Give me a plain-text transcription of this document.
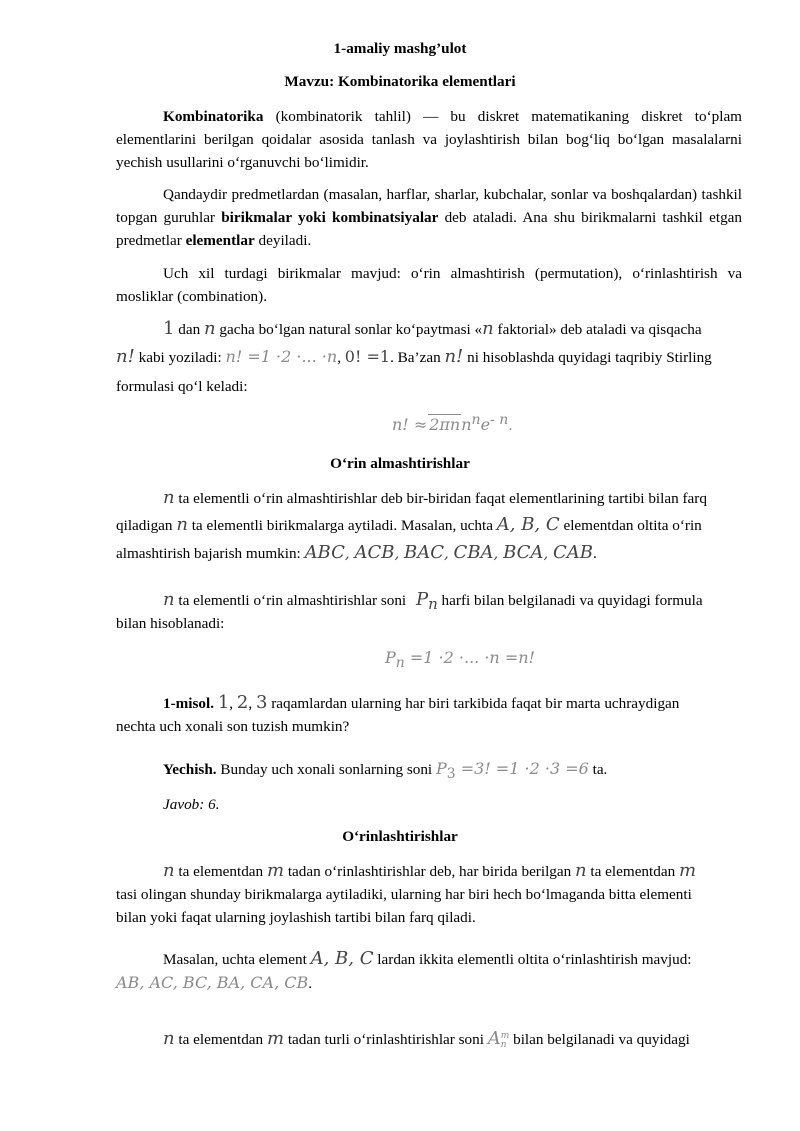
1-amaliy mashg’ulot
Mavzu: Kombinatorika elementlari
Kombinatorika (kombinatorik tahlil) — bu diskret matematikaning diskret to‘plam elementlarini berilgan qoidalar asosida tanlash va joylashtirish bilan bog‘liq bo‘lgan masalalarni yechish usullarini o‘rganuvchi bo‘limidir.
Qandaydir predmetlardan (masalan, harflar, sharlar, kubchalar, sonlar va boshqalardan) tashkil topgan guruhlar birikmalar yoki kombinatsiyalar deb ataladi. Ana shu birikmalarni tashkil etgan predmetlar elementlar deyiladi.
Uch xil turdagi birikmalar mavjud: o‘rin almashtirish (permutation), o‘rinlashtirish va mosliklar (combination).
1 dan n gacha bo‘lgan natural sonlar ko‘paytmasi «n faktorial» deb ataladi va qisqacha
n! kabi yoziladi: n! =1 ·2 ·... ·n, 0! =1. Ba’zan n! ni hisoblashda quyidagi taqribiy Stirling
formulasi qo‘l keladi:
n! ≈ $2\pi nn^ne^{- n}$.
O‘rin almashtirishlar
n ta elementli o‘rin almashtirishlar deb bir-biridan faqat elementlarining tartibi bilan farq
qiladigan n ta elementli birikmalarga aytiladi. Masalan, uchta A, B, C elementdan oltita o‘rin
almashtirish bajarish mumkin: ABC, ACB, BAC, CBA, BCA, CAB.
n ta elementli o‘rin almashtirishlar soni $P_n$ harfi bilan belgilanadi va quyidagi formula
bilan hisoblanadi:
$P_n =1 \cdot 2$ ·... ·n =n!
1-misol. 1, 2, 3 raqamlardan ularning har biri tarkibida faqat bir marta uchraydigan
nechta uch xonali son tuzish mumkin?
Yechish. Bunday uch xonali sonlarning soni $P_3 =3$! =1 ·2 ·3 =6 ta.
Javob: 6.
O‘rinlashtirishlar
n ta elementdan m tadan o‘rinlashtirishlar deb, har birida berilgan n ta elementdan m
tasi olingan shunday birikmalarga aytiladiki, ularning har biri hech bo‘lmaganda bitta elementi
bilan yoki faqat ularning joylashish tartibi bilan farq qiladi.
Masalan, uchta element A, B, C lardan ikkita elementli oltita o‘rinlashtirish mavjud:
AB, AC, BC, BA, CA, CB.
n ta elementdan m tadan turli o‘rinlashtirishlar soni A m
n bilan belgilanadi va quyidagi
